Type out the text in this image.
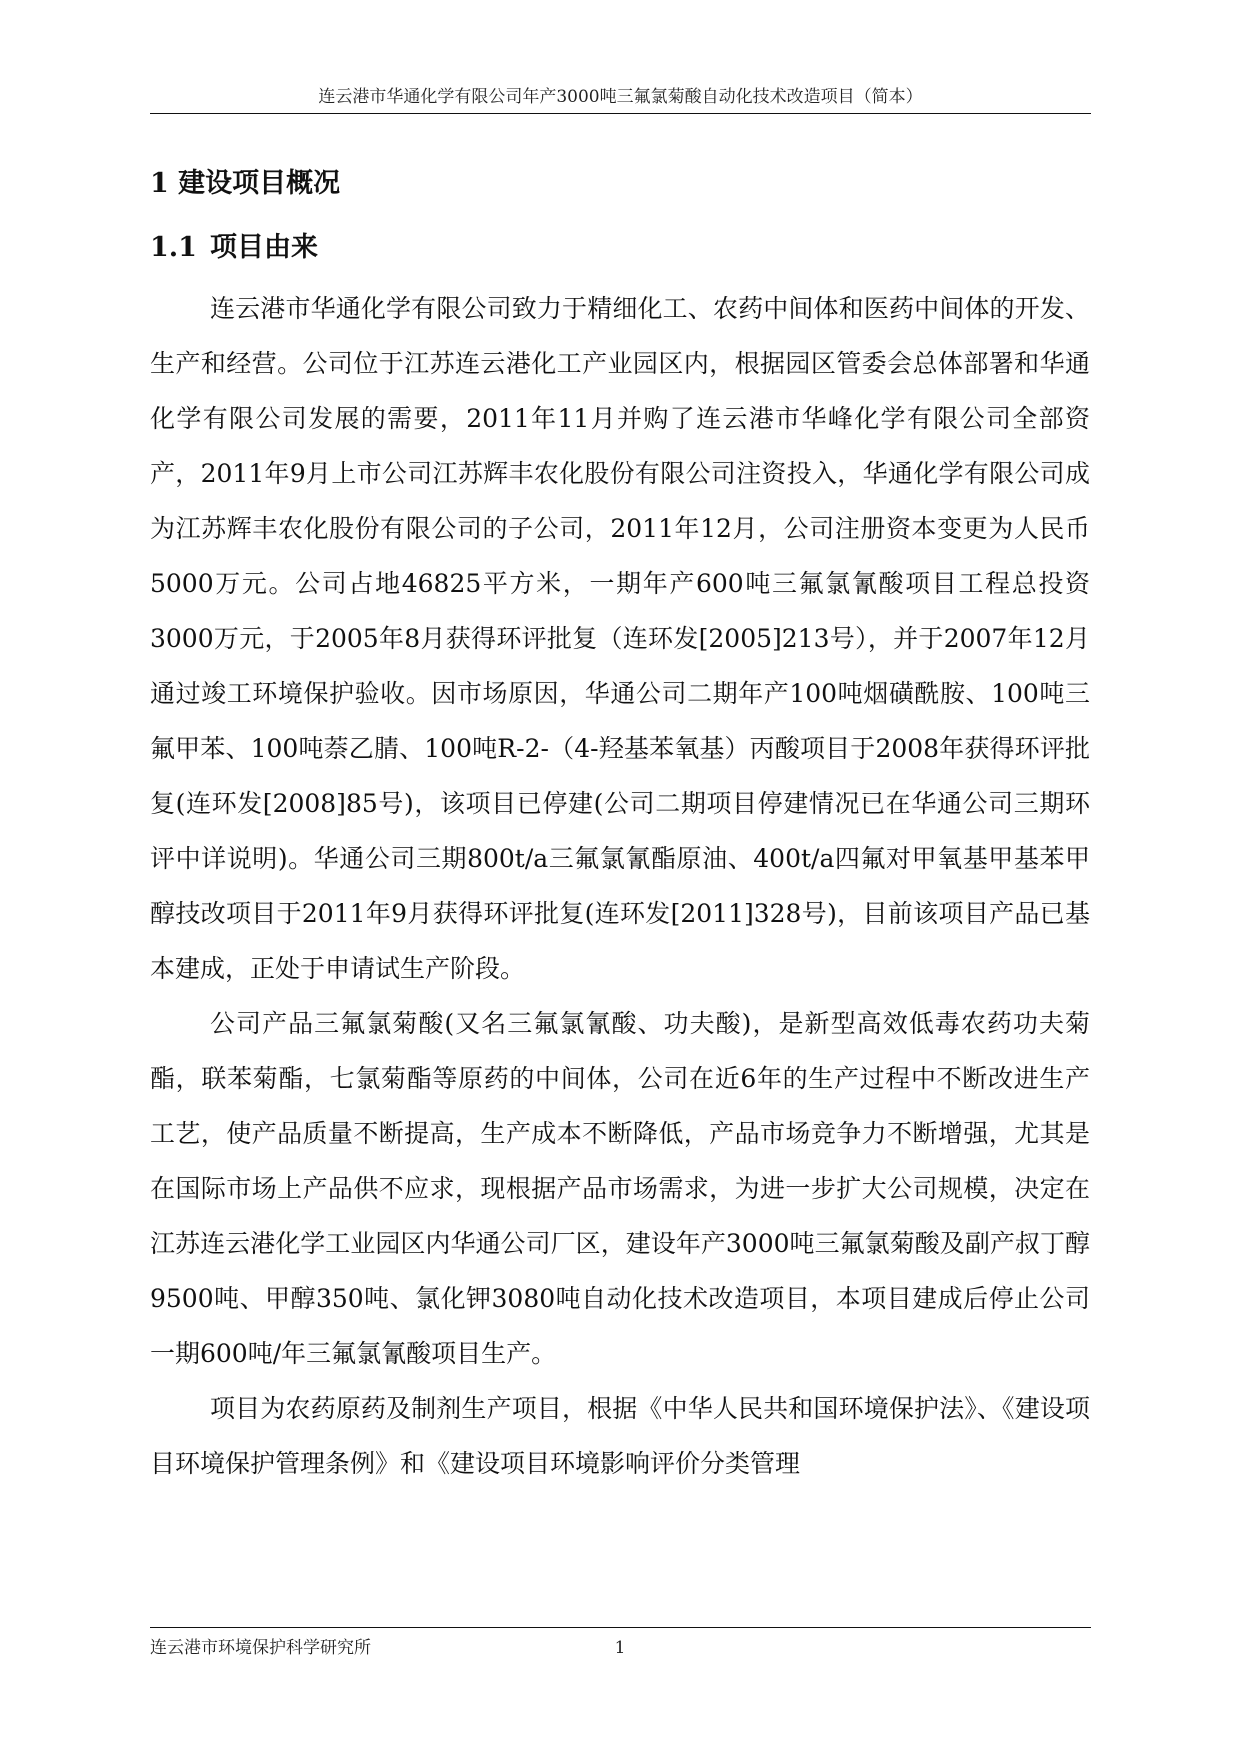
连云港市华通化学有限公司年产3000吨三氟氯菊酸自动化技术改造项目（简本）
1 建设项目概况
1.1 项目由来

连云港市华通化学有限公司致力于精细化工、农药中间体和医药中间体的开发、生产和经营。公司位于江苏连云港化工产业园区内，根据园区管委会总体部署和华通化学有限公司发展的需要，2011年11月并购了连云港市华峰化学有限公司全部资产，2011年9月上市公司江苏辉丰农化股份有限公司注资投入，华通化学有限公司成为江苏辉丰农化股份有限公司的子公司，2011年12月，公司注册资本变更为人民币5000万元。公司占地46825平方米，一期年产600吨三氟氯氰酸项目工程总投资3000万元，于2005年8月获得环评批复（连环发[2005]213号），并于2007年12月通过竣工环境保护验收。因市场原因，华通公司二期年产100吨烟磺酰胺、100吨三氟甲苯、100吨萘乙腈、100吨R-2-（4-羟基苯氧基）丙酸项目于2008年获得环评批复(连环发[2008]85号)，该项目已停建(公司二期项目停建情况已在华通公司三期环评中详说明)。华通公司三期800t/a三氟氯氰酯原油、400t/a四氟对甲氧基甲基苯甲醇技改项目于2011年9月获得环评批复(连环发[2011]328号)，目前该项目产品已基本建成，正处于申请试生产阶段。

公司产品三氟氯菊酸(又名三氟氯氰酸、功夫酸)，是新型高效低毒农药功夫菊酯，联苯菊酯，七氯菊酯等原药的中间体，公司在近6年的生产过程中不断改进生产工艺，使产品质量不断提高，生产成本不断降低，产品市场竞争力不断增强，尤其是在国际市场上产品供不应求，现根据产品市场需求，为进一步扩大公司规模，决定在江苏连云港化学工业园区内华通公司厂区，建设年产3000吨三氟氯菊酸及副产叔丁醇9500吨、甲醇350吨、氯化钾3080吨自动化技术改造项目，本项目建成后停止公司一期600吨/年三氟氯氰酸项目生产。

项目为农药原药及制剂生产项目，根据《中华人民共和国环境保护法》、《建设项目环境保护管理条例》和《建设项目环境影响评价分类管理

连云港市环境保护科学研究所	1
